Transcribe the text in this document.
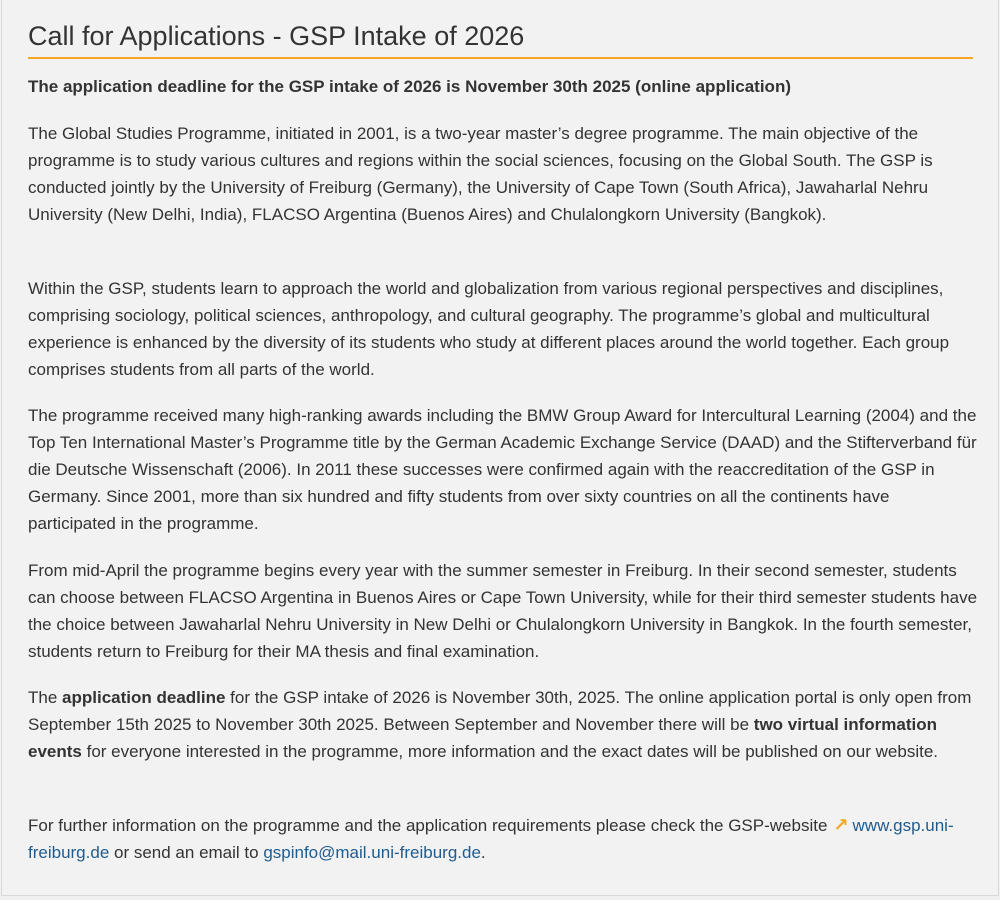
Call for Applications - GSP Intake of 2026

The application deadline for the GSP intake of 2026 is November 30th 2025 (online application)

The Global Studies Programme, initiated in 2001, is a two-year master’s degree programme. The main objective of the programme is to study various cultures and regions within the social sciences, focusing on the Global South. The GSP is conducted jointly by the University of Freiburg (Germany), the University of Cape Town (South Africa), Jawaharlal Nehru University (New Delhi, India), FLACSO Argentina (Buenos Aires) and Chulalongkorn University (Bangkok).

Within the GSP, students learn to approach the world and globalization from various regional perspectives and disciplines, comprising sociology, political sciences, anthropology, and cultural geography. The programme’s global and multicultural experience is enhanced by the diversity of its students who study at different places around the world together. Each group comprises students from all parts of the world.

The programme received many high-ranking awards including the BMW Group Award for Intercultural Learning (2004) and the Top Ten International Master’s Programme title by the German Academic Exchange Service (DAAD) and the Stifterverband für die Deutsche Wissenschaft (2006). In 2011 these successes were confirmed again with the reaccreditation of the GSP in Germany. Since 2001, more than six hundred and fifty students from over sixty countries on all the continents have participated in the programme.

From mid-April the programme begins every year with the summer semester in Freiburg. In their second semester, students can choose between FLACSO Argentina in Buenos Aires or Cape Town University, while for their third semester students have the choice between Jawaharlal Nehru University in New Delhi or Chulalongkorn University in Bangkok. In the fourth semester, students return to Freiburg for their MA thesis and final examination.

The application deadline for the GSP intake of 2026 is November 30th, 2025. The online application portal is only open from September 15th 2025 to November 30th 2025. Between September and November there will be two virtual information events for everyone interested in the programme, more information and the exact dates will be published on our website.

For further information on the programme and the application requirements please check the GSP-website ↗ www.gsp.uni-freiburg.de or send an email to gspinfo@mail.uni-freiburg.de.
